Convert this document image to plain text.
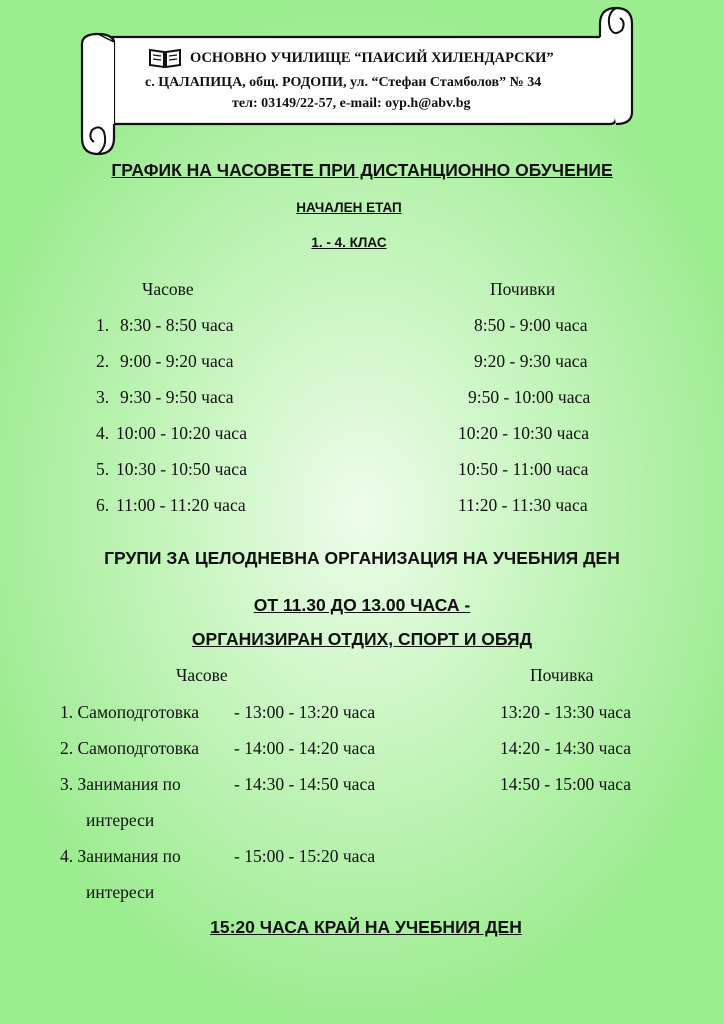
ОСНОВНО УЧИЛИЩЕ “ПАИСИЙ ХИЛЕНДАРСКИ”
с. ЦАЛАПИЦА, общ. РОДОПИ, ул. “Стефан Стамболов” № 34
тел: 03149/22-57, e-mail: oyp.h@abv.bg
ГРАФИК НА ЧАСОВЕТЕ ПРИ ДИСТАНЦИОННО ОБУЧЕНИЕ
НАЧАЛЕН ЕТАП
1. - 4. КЛАС
Часове	Почивки
1. 8:30 - 8:50 часа	8:50 - 9:00 часа
2. 9:00 - 9:20 часа	9:20 - 9:30 часа
3. 9:30 - 9:50 часа	9:50 - 10:00 часа
4. 10:00 - 10:20 часа	10:20 - 10:30 часа
5. 10:30 - 10:50 часа	10:50 - 11:00 часа
6. 11:00 - 11:20 часа	11:20 - 11:30 часа
ГРУПИ ЗА ЦЕЛОДНЕВНА ОРГАНИЗАЦИЯ НА УЧЕБНИЯ ДЕН
ОТ 11.30 ДО 13.00 ЧАСА -
ОРГАНИЗИРАН ОТДИХ, СПОРТ И ОБЯД
Часове	Почивка
1. Самоподготовка - 13:00 - 13:20 часа	13:20 - 13:30 часа
2. Самоподготовка - 14:00 - 14:20 часа	14:20 - 14:30 часа
3. Занимания по	- 14:30 - 14:50 часа	14:50 - 15:00 часа
интереси
4. Занимания по	- 15:00 - 15:20 часа
интереси
15:20 ЧАСА КРАЙ НА УЧЕБНИЯ ДЕН
